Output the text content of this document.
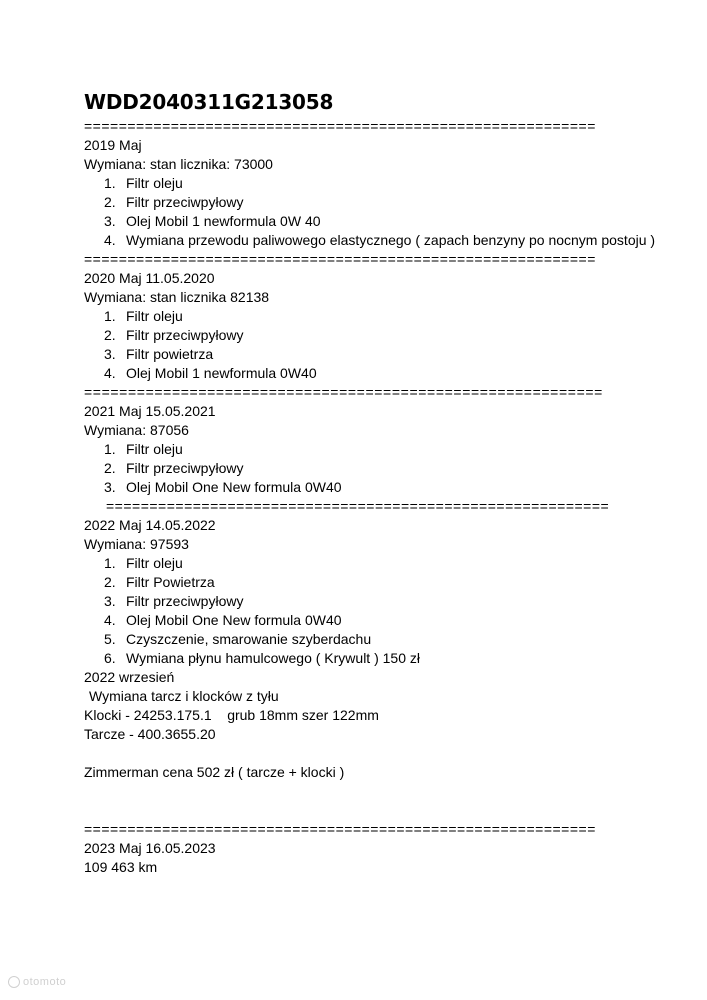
WDD2040311G213058
===========================================================
2019 Maj
Wymiana: stan licznika: 73000
1. Filtr oleju
2. Filtr przeciwpyłowy
3. Olej Mobil 1 newformula 0W 40
4. Wymiana przewodu paliwowego elastycznego ( zapach benzyny po nocnym postoju )
===========================================================
2020 Maj 11.05.2020
Wymiana: stan licznika 82138
1. Filtr oleju
2. Filtr przeciwpyłowy
3. Filtr powietrza
4. Olej Mobil 1 newformula 0W40
===========================================================
2021 Maj 15.05.2021
Wymiana: 87056
1. Filtr oleju
2. Filtr przeciwpyłowy
3. Olej Mobil One New formula 0W40
==========================================================
2022 Maj 14.05.2022
Wymiana: 97593
1. Filtr oleju
2. Filtr Powietrza
3. Filtr przeciwpyłowy
4. Olej Mobil One New formula 0W40
5. Czyszczenie, smarowanie szyberdachu
6. Wymiana płynu hamulcowego ( Krywult ) 150 zł
2022 wrzesień
Wymiana tarcz i klocków z tyłu
Klocki - 24253.175.1    grub 18mm szer 122mm
Tarcze - 400.3655.20
Zimmerman cena 502 zł ( tarcze + klocki )
===========================================================
2023 Maj 16.05.2023
109 463 km
otomoto
